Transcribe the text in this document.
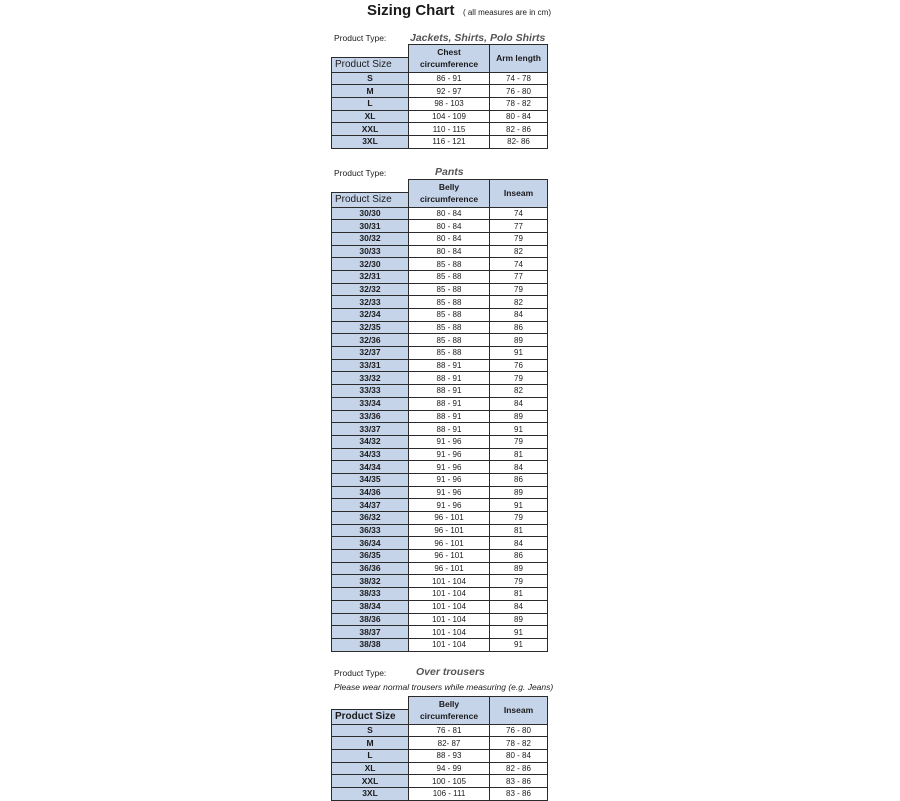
Sizing Chart ( all measures are in cm)
Product Type: Jackets, Shirts, Polo Shirts
	Chest circumference	Arm length
Product Size		
S	86 - 91	74 - 78
M	92 - 97	76 - 80
L	98 - 103	78 - 82
XL	104 - 109	80 - 84
XXL	110 - 115	82 - 86
3XL	116 - 121	82- 86
Product Type:	Pants
	Belly circumference	Inseam
Product Size		
30/30	80 - 84	74
30/31	80 - 84	77
30/32	80 - 84	79
30/33	80 - 84	82
32/30	85 - 88	74
32/31	85 - 88	77
32/32	85 - 88	79
32/33	85 - 88	82
32/34	85 - 88	84
32/35	85 - 88	86
32/36	85 - 88	89
32/37	85 - 88	91
33/31	88 - 91	76
33/32	88 - 91	79
33/33	88 - 91	82
33/34	88 - 91	84
33/36	88 - 91	89
33/37	88 - 91	91
34/32	91 - 96	79
34/33	91 - 96	81
34/34	91 - 96	84
34/35	91 - 96	86
34/36	91 - 96	89
34/37	91 - 96	91
36/32	96 - 101	79
36/33	96 - 101	81
36/34	96 - 101	84
36/35	96 - 101	86
36/36	96 - 101	89
38/32	101 - 104	79
38/33	101 - 104	81
38/34	101 - 104	84
38/36	101 - 104	89
38/37	101 - 104	91
38/38	101 - 104	91
Product Type:	Over trousers
Please wear normal trousers while measuring (e.g. Jeans)
	Belly circumference	Inseam
Product Size		
S	76 - 81	76 - 80
M	82- 87	78 - 82
L	88 - 93	80 - 84
XL	94 - 99	82 - 86
XXL	100 - 105	83 - 86
3XL	106 - 111	83 - 86
